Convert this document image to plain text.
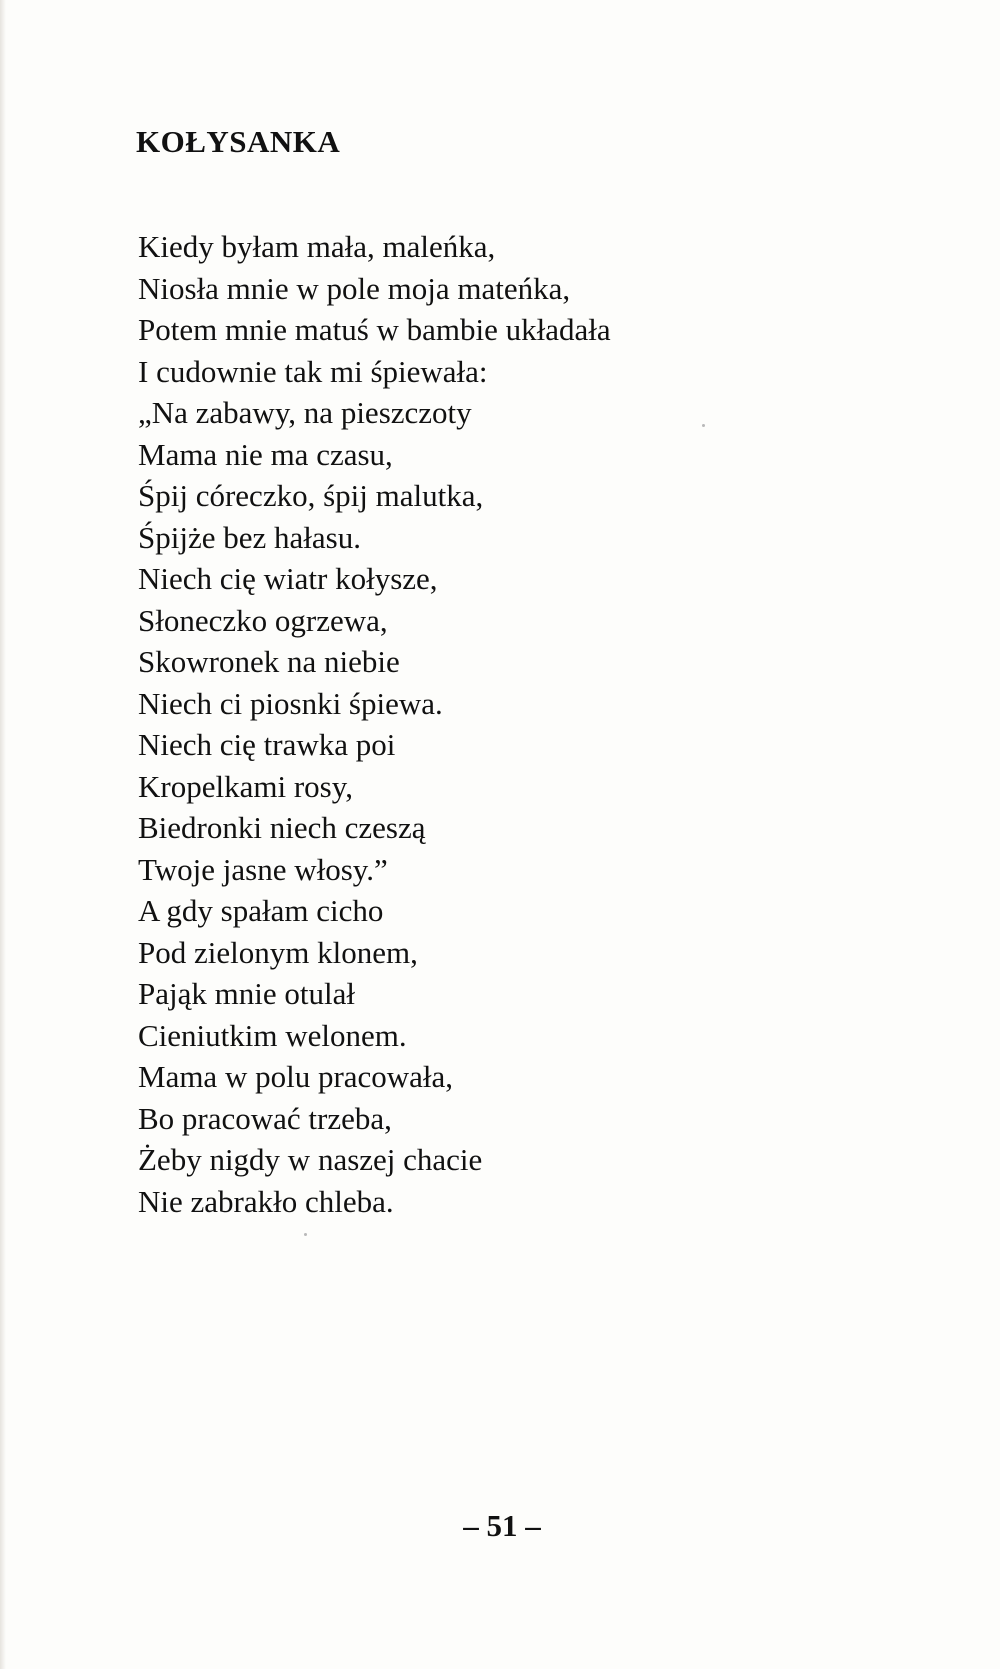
KOŁYSANKA
Kiedy byłam mała, maleńka,
Niosła mnie w pole moja mateńka,
Potem mnie matuś w bambie układała
I cudownie tak mi śpiewała:
„Na zabawy, na pieszczoty
Mama nie ma czasu,
Śpij córeczko, śpij malutka,
Śpijże bez hałasu.
Niech cię wiatr kołysze,
Słoneczko ogrzewa,
Skowronek na niebie
Niech ci piosnki śpiewa.
Niech cię trawka poi
Kropelkami rosy,
Biedronki niech czeszą
Twoje jasne włosy.”
A gdy spałam cicho
Pod zielonym klonem,
Pająk mnie otulał
Cieniutkim welonem.
Mama w polu pracowała,
Bo pracować trzeba,
Żeby nigdy w naszej chacie
Nie zabrakło chleba.
– 51 –
